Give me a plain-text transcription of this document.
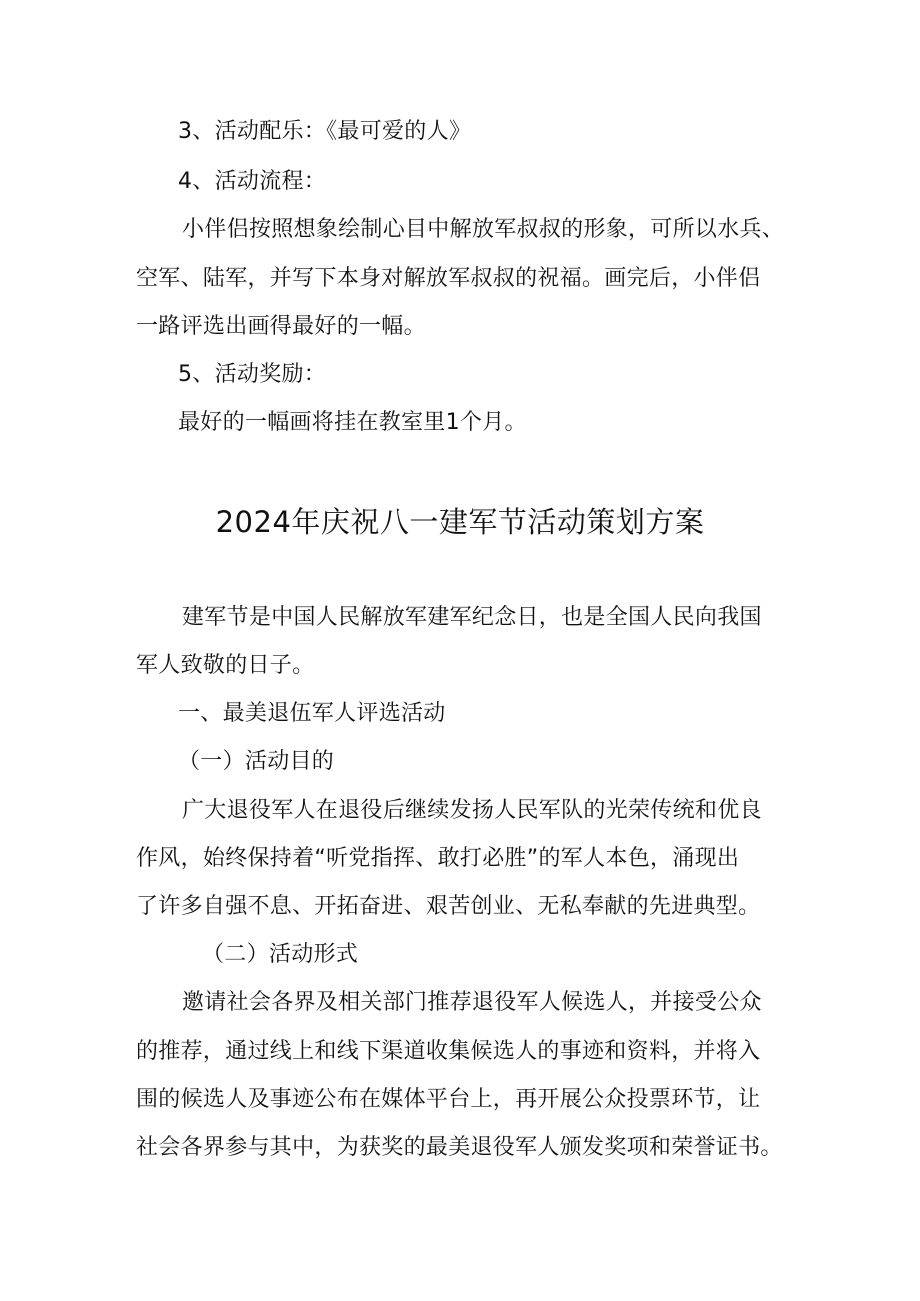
3、活动配乐：《最可爱的人》
4、活动流程：
小伴侣按照想象绘制心目中解放军叔叔的形象，可所以水兵、
空军、陆军，并写下本身对解放军叔叔的祝福。画完后，小伴侣
一路评选出画得最好的一幅。
5、活动奖励：
最好的一幅画将挂在教室里1个月。
2024年庆祝八一建军节活动策划方案
建军节是中国人民解放军建军纪念日，也是全国人民向我国
军人致敬的日子。
一、最美退伍军人评选活动
（一）活动目的
广大退役军人在退役后继续发扬人民军队的光荣传统和优良
作风，始终保持着“听党指挥、敢打必胜”的军人本色，涌现出
了许多自强不息、开拓奋进、艰苦创业、无私奉献的先进典型。
（二）活动形式
邀请社会各界及相关部门推荐退役军人候选人，并接受公众
的推荐，通过线上和线下渠道收集候选人的事迹和资料，并将入
围的候选人及事迹公布在媒体平台上，再开展公众投票环节，让
社会各界参与其中，为获奖的最美退役军人颁发奖项和荣誉证书。
